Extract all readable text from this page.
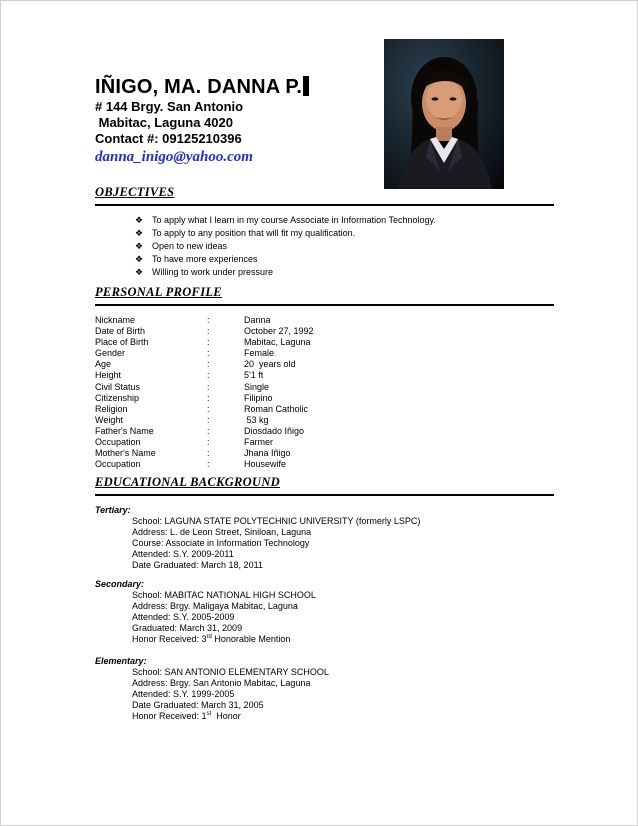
IÑIGO, MA. DANNA P.
# 144 Brgy. San Antonio
Mabitac, Laguna 4020
Contact #: 09125210396
danna_inigo@yahoo.com
OBJECTIVES
❖ To apply what I learn in my course Associate in Information Technology.
❖ To apply to any position that will fit my qualification.
❖ Open to new ideas
❖ To have more experiences
❖ Willing to work under pressure
PERSONAL PROFILE
Nickname	:	Danna
Date of Birth	:	October 27, 1992
Place of Birth	:	Mabitac, Laguna
Gender	:	Female
Age	:	20  years old
Height	:	5'1 ft
Civil Status	:	Single
Citizenship	:	Filipino
Religion	:	Roman Catholic
Weight	:	53 kg
Father's Name	:	Diosdado Iñigo
Occupation	:	Farmer
Mother's Name	:	Jhana Iñigo
Occupation	:	Housewife
EDUCATIONAL BACKGROUND
Tertiary:
School: LAGUNA STATE POLYTECHNIC UNIVERSITY (formerly LSPC)
Address: L. de Leon Street, Siniloan, Laguna
Course: Associate in Information Technology
Attended: S.Y. 2009-2011
Date Graduated: March 18, 2011
Secondary:
School: MABITAC NATIONAL HIGH SCHOOL
Address: Brgy. Maligaya Mabitac, Laguna
Attended: S.Y. 2005-2009
Graduated: March 31, 2009
Honor Received: 3rd Honorable Mention
Elementary:
School: SAN ANTONIO ELEMENTARY SCHOOL
Address: Brgy. San Antonio Mabitac, Laguna
Attended: S.Y. 1999-2005
Date Graduated: March 31, 2005
Honor Received: 1st  Honor
